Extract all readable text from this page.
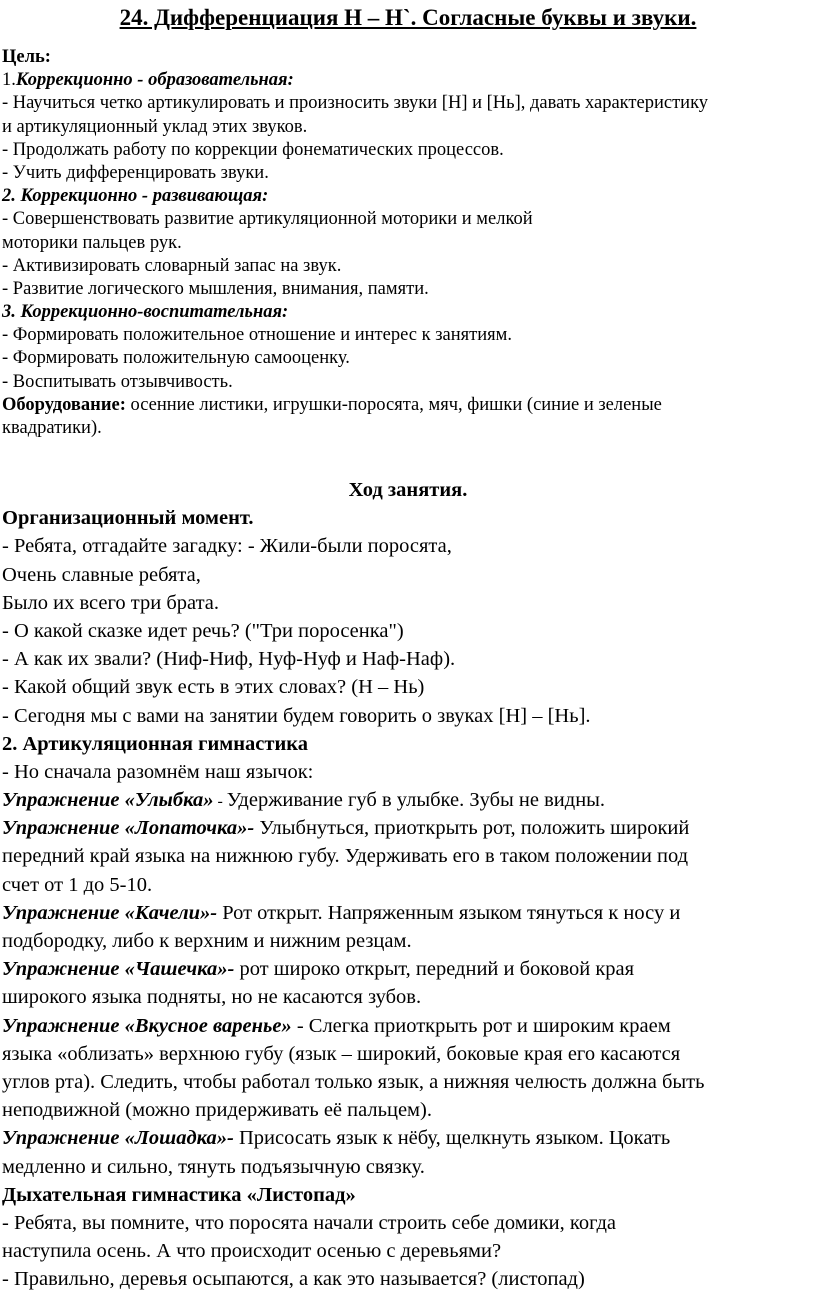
24. Дифференциация Н – Н`. Согласные буквы и звуки.
Цель:
1.Коррекционно - образовательная:
- Научиться четко артикулировать и произносить звуки [Н] и [Нь], давать характеристику
и артикуляционный уклад этих звуков.
- Продолжать работу по коррекции фонематических процессов.
- Учить дифференцировать звуки.
2. Коррекционно - развивающая:
- Совершенствовать развитие артикуляционной моторики и мелкой
моторики пальцев рук.
- Активизировать словарный запас на звук.
- Развитие логического мышления, внимания, памяти.
3. Коррекционно-воспитательная:
- Формировать положительное отношение и интерес к занятиям.
- Формировать положительную самооценку.
- Воспитывать отзывчивость.
Оборудование: осенние листики, игрушки-поросята, мяч, фишки (синие и зеленые
квадратики).
Ход занятия.
Организационный момент.
- Ребята, отгадайте загадку: - Жили-были поросята,
Очень славные ребята,
Было их всего три брата.
- О какой сказке идет речь? ("Три поросенка")
- А как их звали? (Ниф-Ниф, Нуф-Нуф и Наф-Наф).
- Какой общий звук есть в этих словах? (Н – Нь)
- Сегодня мы с вами на занятии будем говорить о звуках [Н] – [Нь].
2. Артикуляционная гимнастика
- Но сначала разомнём наш язычок:
Упражнение «Улыбка» - Удерживание губ в улыбке. Зубы не видны.
Упражнение «Лопаточка»- Улыбнуться, приоткрыть рот, положить широкий
передний край языка на нижнюю губу. Удерживать его в таком положении под
счет от 1 до 5-10.
Упражнение «Качели»- Рот открыт. Напряженным языком тянуться к носу и
подбородку, либо к верхним и нижним резцам.
Упражнение «Чашечка»- рот широко открыт, передний и боковой края
широкого языка подняты, но не касаются зубов.
Упражнение «Вкусное варенье» - Слегка приоткрыть рот и широким краем
языка «облизать» верхнюю губу (язык – широкий, боковые края его касаются
углов рта). Следить, чтобы работал только язык, а нижняя челюсть должна быть
неподвижной (можно придерживать её пальцем).
Упражнение «Лошадка»- Присосать язык к нёбу, щелкнуть языком. Цокать
медленно и сильно, тянуть подъязычную связку.
Дыхательная гимнастика «Листопад»
- Ребята, вы помните, что поросята начали строить себе домики, когда
наступила осень. А что происходит осенью с деревьями?
- Правильно, деревья осыпаются, а как это называется? (листопад)
